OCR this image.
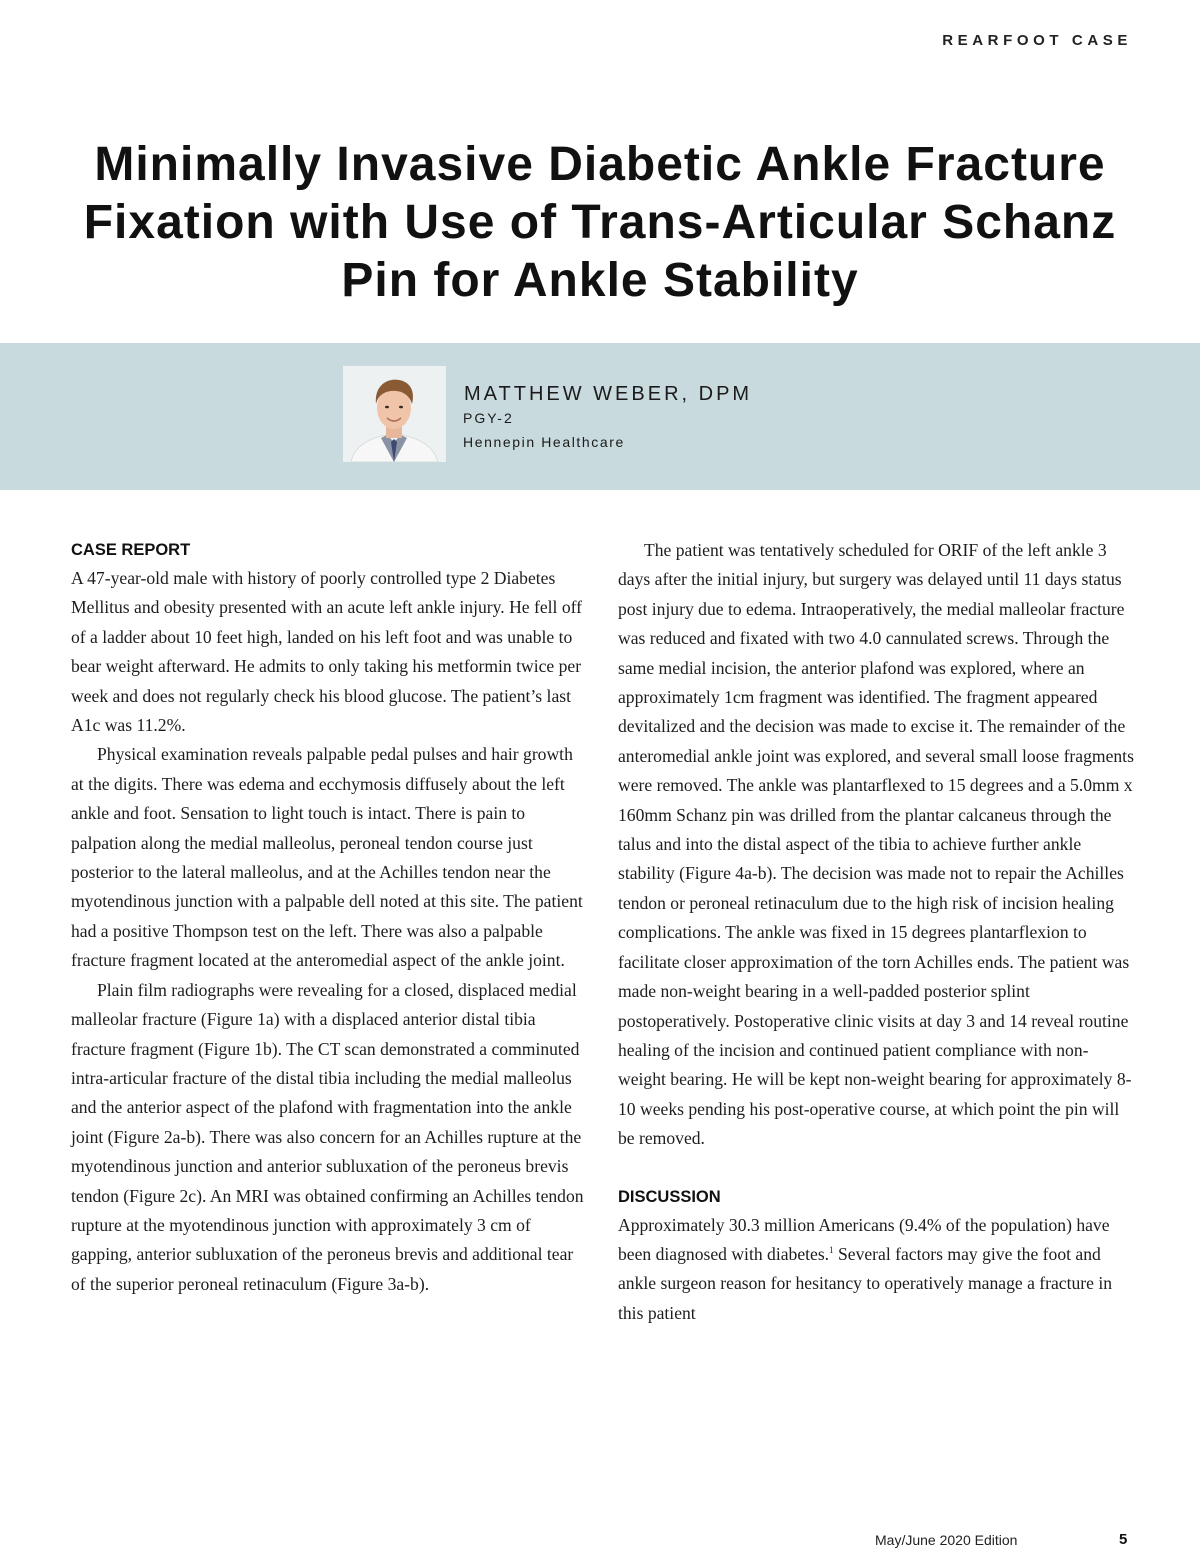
REARFOOT CASE
Minimally Invasive Diabetic Ankle Fracture Fixation with Use of Trans-Articular Schanz Pin for Ankle Stability
MATTHEW WEBER, DPM
PGY-2
Hennepin Healthcare
CASE REPORT

A 47-year-old male with history of poorly controlled type 2 Diabetes Mellitus and obesity presented with an acute left ankle injury. He fell off of a ladder about 10 feet high, landed on his left foot and was unable to bear weight afterward. He admits to only taking his metformin twice per week and does not regularly check his blood glucose. The patient’s last A1c was 11.2%.

Physical examination reveals palpable pedal pulses and hair growth at the digits. There was edema and ecchymosis diffusely about the left ankle and foot. Sensation to light touch is intact. There is pain to palpation along the medial malleolus, peroneal tendon course just posterior to the lateral malleolus, and at the Achilles tendon near the myotendinous junction with a palpable dell noted at this site. The patient had a positive Thompson test on the left. There was also a palpable fracture fragment located at the anteromedial aspect of the ankle joint.

Plain film radiographs were revealing for a closed, displaced medial malleolar fracture (Figure 1a) with a displaced anterior distal tibia fracture fragment (Figure 1b). The CT scan demonstrated a comminuted intra-articular fracture of the distal tibia including the medial malleolus and the anterior aspect of the plafond with fragmentation into the ankle joint (Figure 2a-b). There was also concern for an Achilles rupture at the myotendinous junction and anterior subluxation of the peroneus brevis tendon (Figure 2c). An MRI was obtained confirming an Achilles tendon rupture at the myotendinous junction with approximately 3 cm of gapping, anterior subluxation of the peroneus brevis and additional tear of the superior peroneal retinaculum (Figure 3a-b).

The patient was tentatively scheduled for ORIF of the left ankle 3 days after the initial injury, but surgery was delayed until 11 days status post injury due to edema. Intraoperatively, the medial malleolar fracture was reduced and fixated with two 4.0 cannulated screws. Through the same medial incision, the anterior plafond was explored, where an approximately 1cm fragment was identified. The fragment appeared devitalized and the decision was made to excise it. The remainder of the anteromedial ankle joint was explored, and several small loose fragments were removed. The ankle was plantarflexed to 15 degrees and a 5.0mm x 160mm Schanz pin was drilled from the plantar calcaneus through the talus and into the distal aspect of the tibia to achieve further ankle stability (Figure 4a-b). The decision was made not to repair the Achilles tendon or peroneal retinaculum due to the high risk of incision healing complications. The ankle was fixed in 15 degrees plantarflexion to facilitate closer approximation of the torn Achilles ends. The patient was made non-weight bearing in a well-padded posterior splint postoperatively. Postoperative clinic visits at day 3 and 14 reveal routine healing of the incision and continued patient compliance with non-weight bearing. He will be kept non-weight bearing for approximately 8-10 weeks pending his post-operative course, at which point the pin will be removed.

DISCUSSION

Approximately 30.3 million Americans (9.4% of the population) have been diagnosed with diabetes.$^1$ Several factors may give the foot and ankle surgeon reason for hesitancy to operatively manage a fracture in this patient

May/June 2020 Edition	5
